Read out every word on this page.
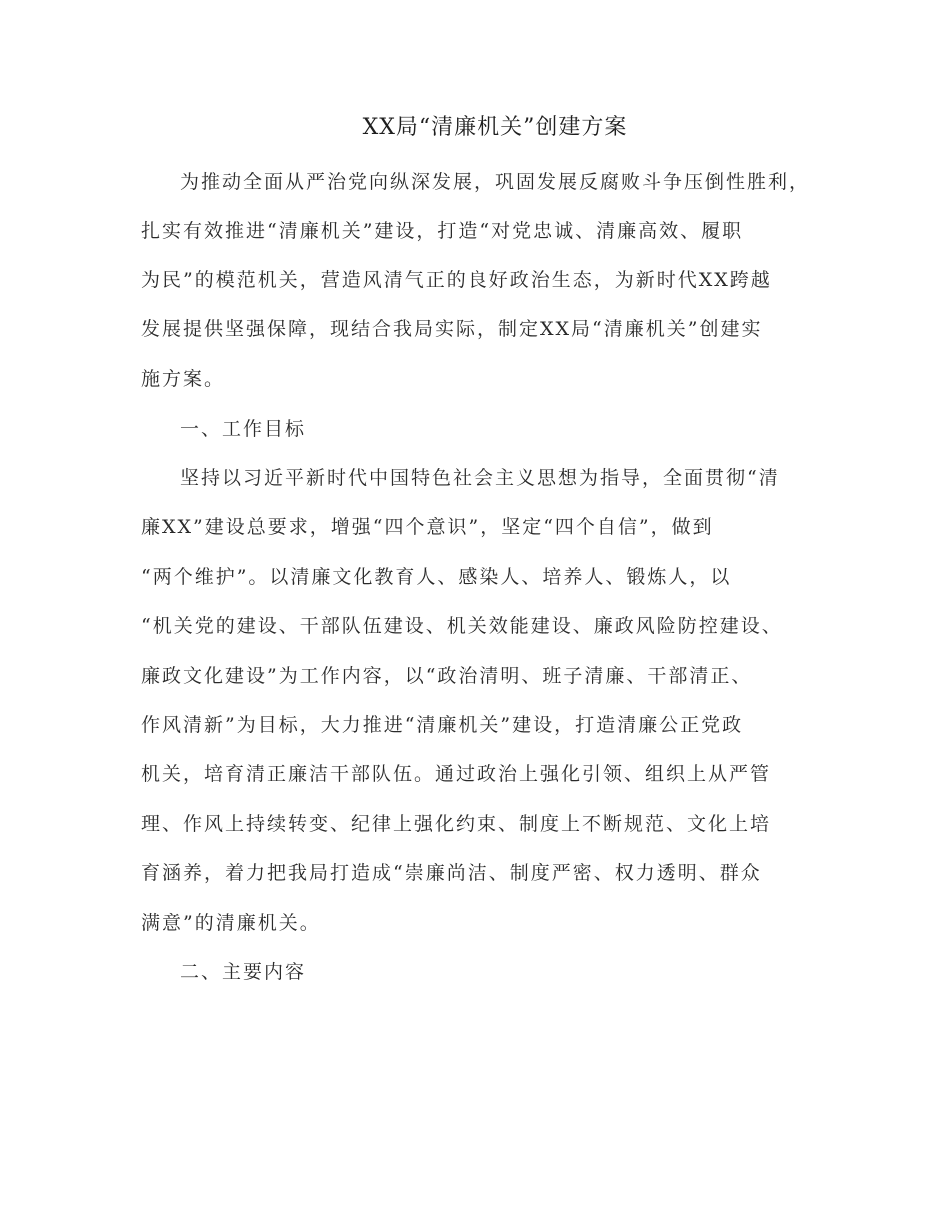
XX局“清廉机关”创建方案
为推动全面从严治党向纵深发展，巩固发展反腐败斗争压倒性胜利，
扎实有效推进“清廉机关”建设，打造“对党忠诚、清廉高效、履职
为民”的模范机关，营造风清气正的良好政治生态，为新时代XX跨越
发展提供坚强保障，现结合我局实际，制定XX局“清廉机关”创建实
施方案。
一、工作目标
坚持以习近平新时代中国特色社会主义思想为指导，全面贯彻“清
廉XX”建设总要求，增强“四个意识”，坚定“四个自信”，做到
“两个维护”。以清廉文化教育人、感染人、培养人、锻炼人，以
“机关党的建设、干部队伍建设、机关效能建设、廉政风险防控建设、
廉政文化建设”为工作内容，以“政治清明、班子清廉、干部清正、
作风清新”为目标，大力推进“清廉机关”建设，打造清廉公正党政
机关，培育清正廉洁干部队伍。通过政治上强化引领、组织上从严管
理、作风上持续转变、纪律上强化约束、制度上不断规范、文化上培
育涵养，着力把我局打造成“崇廉尚洁、制度严密、权力透明、群众
满意”的清廉机关。
二、主要内容
